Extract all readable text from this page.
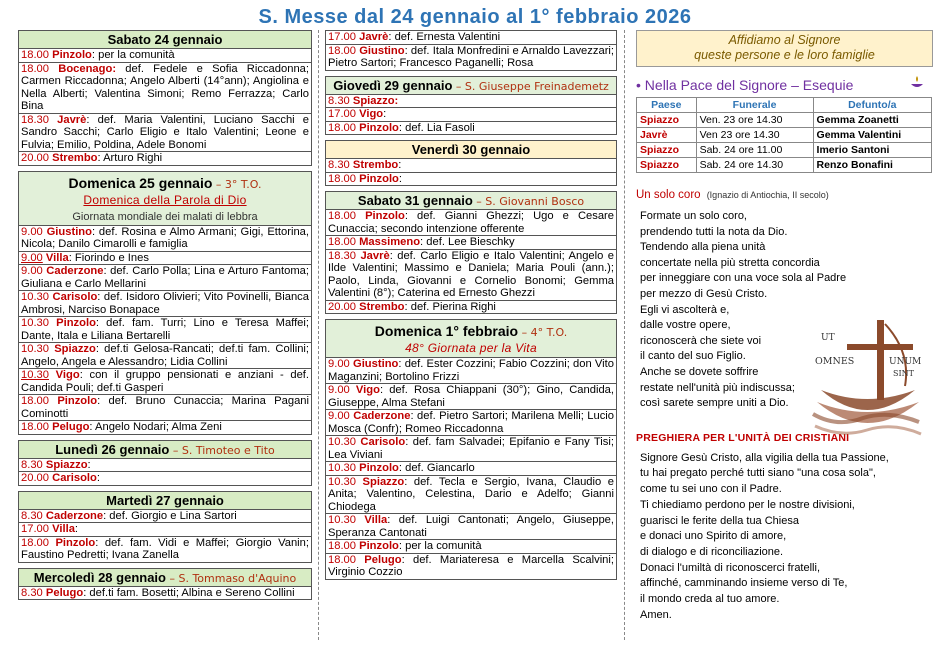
S. Messe dal 24 gennaio al 1° febbraio 2026
Sabato 24 gennaio
18.00 Pinzolo: per la comunità
18.00 Bocenago: def. Fedele e Sofia Riccadonna; Carmen Riccadonna; Angelo Alberti (14°ann); Angiolina e Nella Alberti; Valentina Simoni; Remo Ferrazza; Carlo Bina
18.30 Javrè: def. Maria Valentini, Luciano Sacchi e Sandro Sacchi; Carlo Eligio e Italo Valentini; Leone e Fulvia; Emilio, Poldina, Adele Bonomi
20.00 Strembo: Arturo Righi
Domenica 25 gennaio – 3° T.O.
Domenica della Parola di Dio
Giornata mondiale dei malati di lebbra
9.00 Giustino: def. Rosina e Almo Armani; Gigi, Ettorina, Nicola; Danilo Cimarolli e famiglia
9.00 Villa: Fiorindo e Ines
9.00 Caderzone: def. Carlo Polla; Lina e Arturo Fantoma; Giuliana e Carlo Mellarini
10.30 Carisolo: def. Isidoro Olivieri; Vito Povinelli, Bianca Ambrosi, Narciso Bonapace
10.30 Pinzolo: def. fam. Turri; Lino e Teresa Maffei; Dante, Itala e Liliana Bertarelli
10.30 Spiazzo: def.ti Gelosa-Rancati; def.ti fam. Collini; Angelo, Angela e Alessandro; Lidia Collini
10.30 Vigo: con il gruppo pensionati e anziani - def. Candida Pouli; def.ti Gasperi
18.00 Pinzolo: def. Bruno Cunaccia; Marina Pagani Cominotti
18.00 Pelugo: Angelo Nodari; Alma Zeni
Lunedì 26 gennaio – S. Timoteo e Tito
8.30 Spiazzo:
20.00 Carisolo:
Martedì 27 gennaio
8.30 Caderzone: def. Giorgio e Lina Sartori
17.00 Villa:
18.00 Pinzolo: def. fam. Vidi e Maffei; Giorgio Vanin; Faustino Pedretti; Ivana Zanella
Mercoledì 28 gennaio – S. Tommaso d'Aquino
8.30 Pelugo: def.ti fam. Bosetti; Albina e Sereno Collini
17.00 Javrè: def. Ernesta Valentini
18.00 Giustino: def. Itala Monfredini e Arnaldo Lavezzari; Pietro Sartori; Francesco Paganelli; Rosa
Giovedì 29 gennaio – S. Giuseppe Freinademetz
8.30 Spiazzo:
17.00 Vigo:
18.00 Pinzolo: def. Lia Fasoli
Venerdì 30 gennaio
8.30 Strembo:
18.00 Pinzolo:
Sabato 31 gennaio – S. Giovanni Bosco
18.00 Pinzolo: def. Gianni Ghezzi; Ugo e Cesare Cunaccia; secondo intenzione offerente
18.00 Massimeno: def. Lee Bieschky
18.30 Javrè: def. Carlo Eligio e Italo Valentini; Angelo e Ilde Valentini; Massimo e Daniela; Maria Pouli (ann.); Paolo, Linda, Giovanni e Cornelio Bonomi; Gemma Valentini (8°); Caterina ed Ernesto Ghezzi
20.00 Strembo: def. Pierina Righi
Domenica 1° febbraio – 4° T.O.
48° Giornata per la Vita
9.00 Giustino: def. Ester Cozzini; Fabio Cozzini; don Vito Maganzini; Bortolino Frizzi
9.00 Vigo: def. Rosa Chiappani (30°); Gino, Candida, Giuseppe, Alma Stefani
9.00 Caderzone: def. Pietro Sartori; Marilena Melli; Lucio Mosca (Confr); Romeo Riccadonna
10.30 Carisolo: def. fam Salvadei; Epifanio e Fany Tisi; Lea Viviani
10.30 Pinzolo: def. Giancarlo
10.30 Spiazzo: def. Tecla e Sergio, Ivana, Claudio e Anita; Valentino, Celestina, Dario e Adelfo; Gianni Chiodega
10.30 Villa: def. Luigi Cantonati; Angelo, Giuseppe, Speranza Cantonati
18.00 Pinzolo: per la comunità
18.00 Pelugo: def. Mariateresa e Marcella Scalvini; Virginio Cozzio
Affidiamo al Signore
queste persone e le loro famiglie
• Nella Pace del Signore – Esequie
Paese	Funerale	Defunto/a
Spiazzo	Ven. 23 ore 14.30	Gemma Zoanetti
Javrè	Ven 23 ore 14.30	Gemma Valentini
Spiazzo	Sab. 24 ore 11.00	Imerio Santoni
Spiazzo	Sab. 24 ore 14.30	Renzo Bonafini
Un solo coro (Ignazio di Antiochia, II secolo)
Formate un solo coro,
prendendo tutti la nota da Dio.
Tendendo alla piena unità
concertate nella più stretta concordia
per inneggiare con una voce sola al Padre
per mezzo di Gesù Cristo.
Egli vi ascolterà e,
dalle vostre opere,
riconoscerà che siete voi
il canto del suo Figlio.
Anche se dovete soffrire
restate nell'unità più indiscussa;
così sarete sempre uniti a Dio.
PREGHIERA PER L'UNITÀ DEI CRISTIANI
Signore Gesù Cristo, alla vigilia della tua Passione,
tu hai pregato perché tutti siano "una cosa sola",
come tu sei uno con il Padre.
Ti chiediamo perdono per le nostre divisioni,
guarisci le ferite della tua Chiesa
e donaci uno Spirito di amore,
di dialogo e di riconciliazione.
Donaci l'umiltà di riconoscerci fratelli,
affinché, camminando insieme verso di Te,
il mondo creda al tuo amore.
Amen.
UT
OMNES	UNUM
SINT
